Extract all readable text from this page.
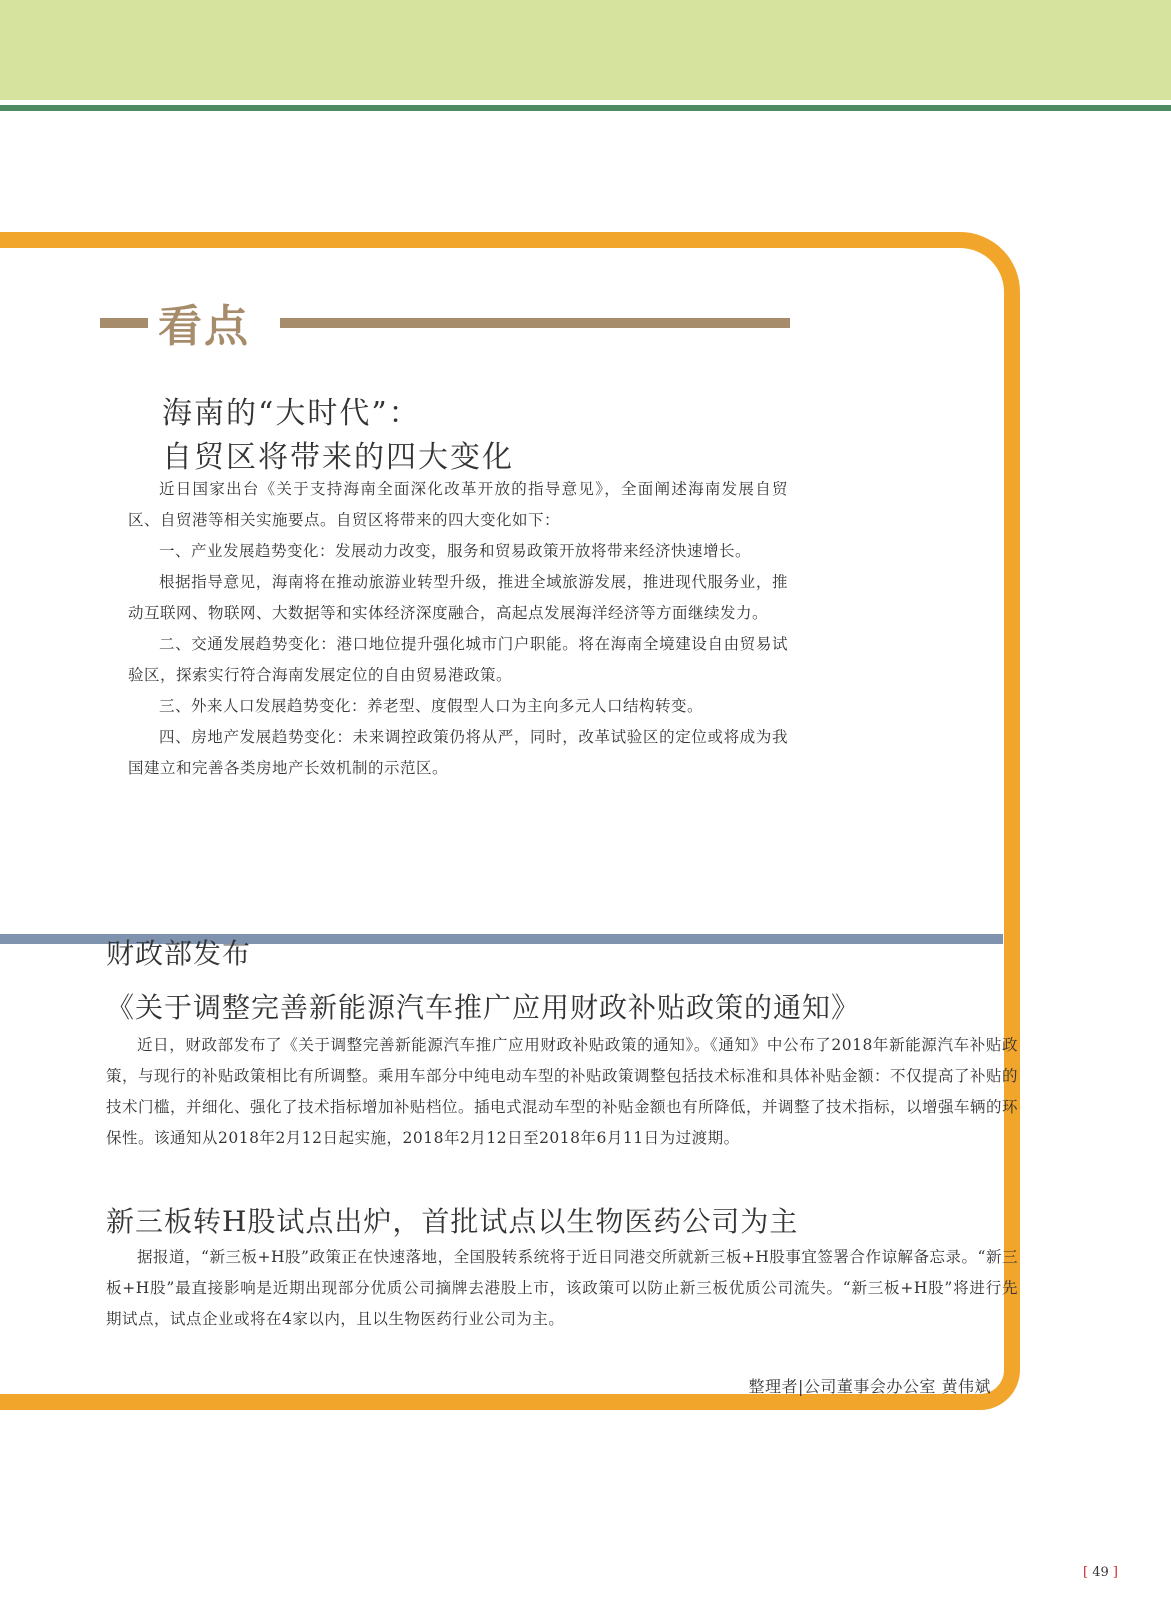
看点
海南的“大时代”：
自贸区将带来的四大变化
近日国家出台《关于支持海南全面深化改革开放的指导意见》，全面阐述海南发展自贸区、自贸港等相关实施要点。自贸区将带来的四大变化如下：
一、产业发展趋势变化：发展动力改变，服务和贸易政策开放将带来经济快速增长。
根据指导意见，海南将在推动旅游业转型升级，推进全域旅游发展，推进现代服务业，推动互联网、物联网、大数据等和实体经济深度融合，高起点发展海洋经济等方面继续发力。
二、交通发展趋势变化：港口地位提升强化城市门户职能。将在海南全境建设自由贸易试验区，探索实行符合海南发展定位的自由贸易港政策。
三、外来人口发展趋势变化：养老型、度假型人口为主向多元人口结构转变。
四、房地产发展趋势变化：未来调控政策仍将从严，同时，改革试验区的定位或将成为我国建立和完善各类房地产长效机制的示范区。
财政部发布
《关于调整完善新能源汽车推广应用财政补贴政策的通知》
近日，财政部发布了《关于调整完善新能源汽车推广应用财政补贴政策的通知》。《通知》中公布了2018年新能源汽车补贴政策，与现行的补贴政策相比有所调整。乘用车部分中纯电动车型的补贴政策调整包括技术标准和具体补贴金额：不仅提高了补贴的技术门槛，并细化、强化了技术指标增加补贴档位。插电式混动车型的补贴金额也有所降低，并调整了技术指标，以增强车辆的环保性。该通知从2018年2月12日起实施，2018年2月12日至2018年6月11日为过渡期。
新三板转H股试点出炉，首批试点以生物医药公司为主
据报道，“新三板+H股”政策正在快速落地，全国股转系统将于近日同港交所就新三板+H股事宜签署合作谅解备忘录。“新三板+H股”最直接影响是近期出现部分优质公司摘牌去港股上市，该政策可以防止新三板优质公司流失。“新三板+H股”将进行先期试点，试点企业或将在4家以内，且以生物医药行业公司为主。
整理者|公司董事会办公室 黄伟斌
[ 49 ]
